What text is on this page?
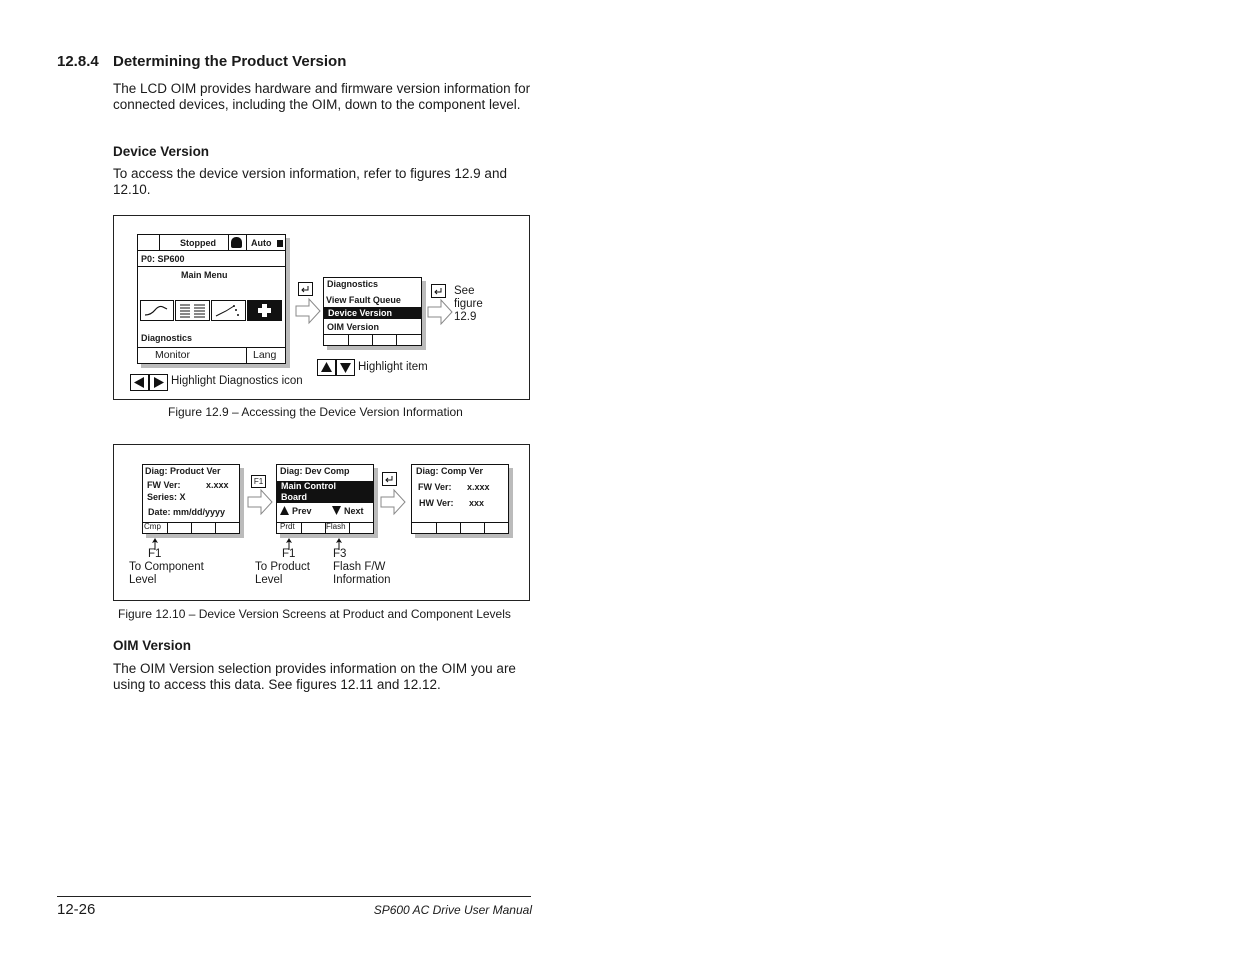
12.8.4 Determining the Product Version
The LCD OIM provides hardware and firmware version information for connected devices, including the OIM, down to the component level.
Device Version
To access the device version information, refer to figures 12.9 and 12.10.
Stopped	Auto
P0: SP600
Main Menu
Diagnostics
Monitor	Lang
Diagnostics
View Fault Queue
Device Version
OIM Version
See
figure
12.9
Highlight item
Highlight Diagnostics icon
Figure 12.9 – Accessing the Device Version Information
Diag: Product Ver
FW Ver:	x.xxx
Series: X
Date: mm/dd/yyyy
Cmp
F1
Diag: Dev Comp
Main Control
Board
Prev	Next
Prdt	Flash
Diag: Comp Ver
FW Ver: x.xxx
HW Ver: xxx
F1
To Component
Level
F1
To Product
Level
F3
Flash F/W
Information
Figure 12.10 – Device Version Screens at Product and Component Levels
OIM Version
The OIM Version selection provides information on the OIM you are using to access this data. See figures 12.11 and 12.12.
12-26	SP600 AC Drive User Manual
